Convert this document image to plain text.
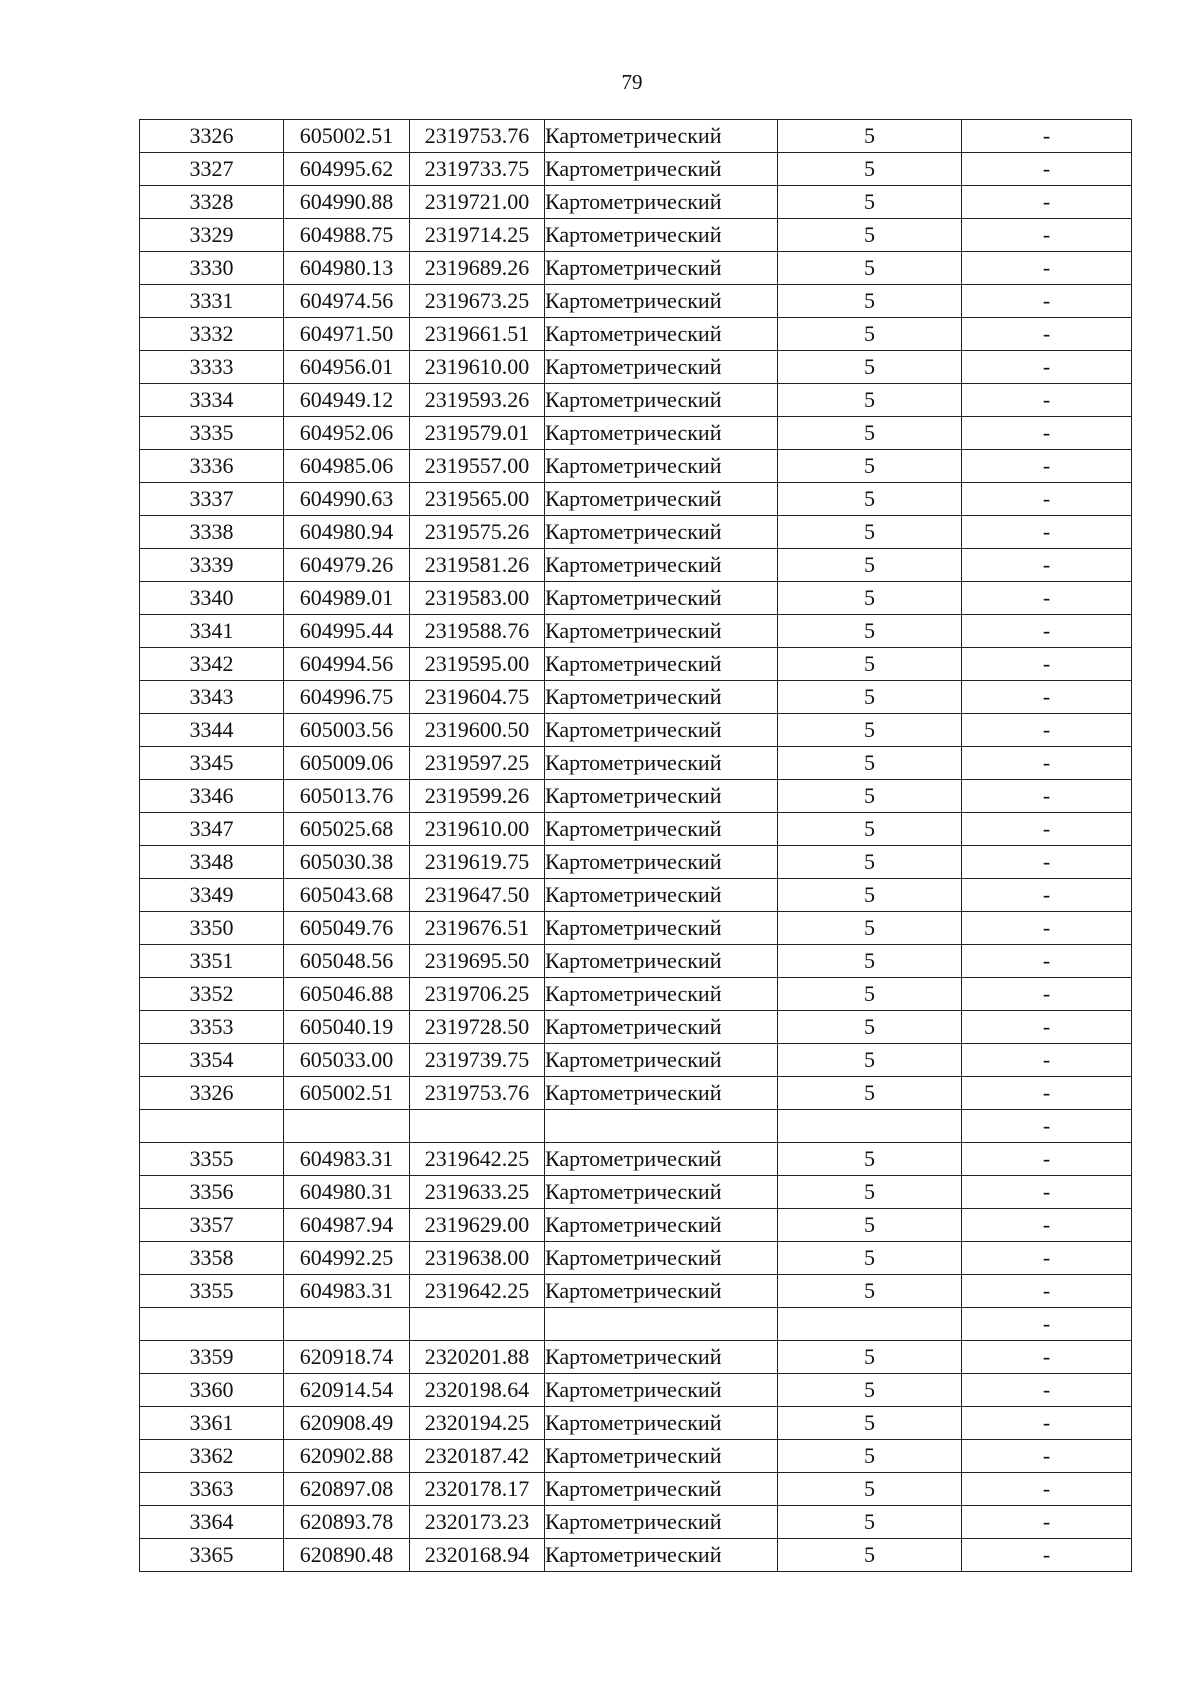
79
3326	605002.51	2319753.76	Картометрический	5	-
3327	604995.62	2319733.75	Картометрический	5	-
3328	604990.88	2319721.00	Картометрический	5	-
3329	604988.75	2319714.25	Картометрический	5	-
3330	604980.13	2319689.26	Картометрический	5	-
3331	604974.56	2319673.25	Картометрический	5	-
3332	604971.50	2319661.51	Картометрический	5	-
3333	604956.01	2319610.00	Картометрический	5	-
3334	604949.12	2319593.26	Картометрический	5	-
3335	604952.06	2319579.01	Картометрический	5	-
3336	604985.06	2319557.00	Картометрический	5	-
3337	604990.63	2319565.00	Картометрический	5	-
3338	604980.94	2319575.26	Картометрический	5	-
3339	604979.26	2319581.26	Картометрический	5	-
3340	604989.01	2319583.00	Картометрический	5	-
3341	604995.44	2319588.76	Картометрический	5	-
3342	604994.56	2319595.00	Картометрический	5	-
3343	604996.75	2319604.75	Картометрический	5	-
3344	605003.56	2319600.50	Картометрический	5	-
3345	605009.06	2319597.25	Картометрический	5	-
3346	605013.76	2319599.26	Картометрический	5	-
3347	605025.68	2319610.00	Картометрический	5	-
3348	605030.38	2319619.75	Картометрический	5	-
3349	605043.68	2319647.50	Картометрический	5	-
3350	605049.76	2319676.51	Картометрический	5	-
3351	605048.56	2319695.50	Картометрический	5	-
3352	605046.88	2319706.25	Картометрический	5	-
3353	605040.19	2319728.50	Картометрический	5	-
3354	605033.00	2319739.75	Картометрический	5	-
3326	605002.51	2319753.76	Картометрический	5	-
					-
3355	604983.31	2319642.25	Картометрический	5	-
3356	604980.31	2319633.25	Картометрический	5	-
3357	604987.94	2319629.00	Картометрический	5	-
3358	604992.25	2319638.00	Картометрический	5	-
3355	604983.31	2319642.25	Картометрический	5	-
					-
3359	620918.74	2320201.88	Картометрический	5	-
3360	620914.54	2320198.64	Картометрический	5	-
3361	620908.49	2320194.25	Картометрический	5	-
3362	620902.88	2320187.42	Картометрический	5	-
3363	620897.08	2320178.17	Картометрический	5	-
3364	620893.78	2320173.23	Картометрический	5	-
3365	620890.48	2320168.94	Картометрический	5	-
